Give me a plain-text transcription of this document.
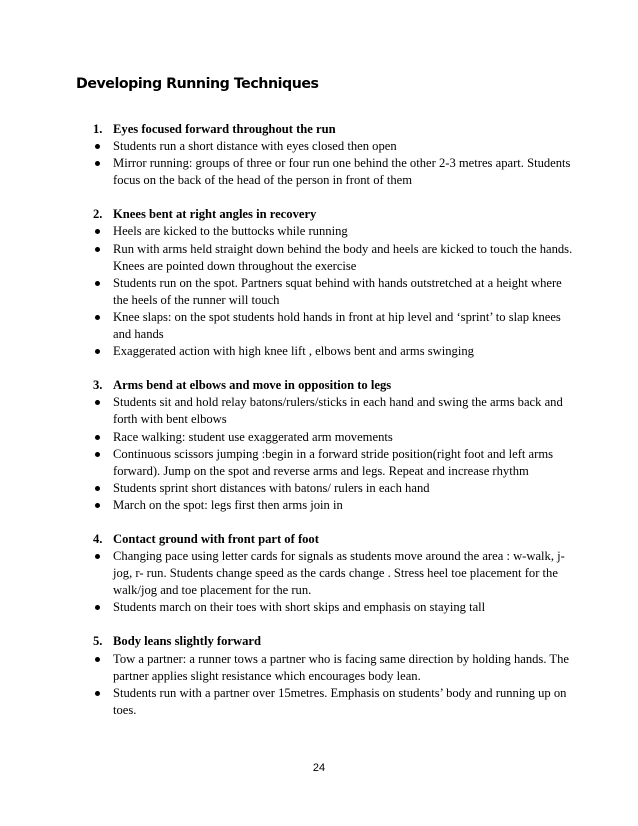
Developing Running Techniques
1. Eyes focused forward throughout the run
Students run a short distance with eyes closed then open
Mirror running: groups of three or four run one behind the other 2-3 metres apart. Students focus on the back of the head of the person in front of them
2. Knees bent at right angles in recovery
Heels are kicked to the buttocks while running
Run with arms held straight down behind the body and heels are kicked to touch the hands. Knees are pointed down throughout the exercise
Students run on the spot. Partners squat behind with hands outstretched at a height where the heels of the runner will touch
Knee slaps: on the spot students hold hands in front at hip level and ‘sprint’ to slap knees and hands
Exaggerated action with high knee lift , elbows bent and arms swinging
3. Arms bend at elbows and move in opposition to legs
Students sit and hold relay batons/rulers/sticks in each hand and swing the arms back and forth with bent elbows
Race walking: student use exaggerated arm movements
Continuous scissors jumping :begin in a forward stride position(right foot and left arms forward). Jump on the spot and reverse arms and legs. Repeat and increase rhythm
Students sprint short distances with batons/ rulers in each hand
March on the spot: legs first then arms join in
4. Contact ground with front part of foot
Changing pace using letter cards for signals as students move around the area : w-walk, j-jog, r- run. Students change speed as the cards change . Stress heel toe placement for the walk/jog and toe placement for the run.
Students march on their toes with short skips and emphasis on staying tall
5. Body leans slightly forward
Tow a partner: a runner tows a partner who is facing same direction by holding hands. The partner applies slight resistance which encourages body lean.
Students run with a partner over 15metres. Emphasis on students’ body and running up on toes.
24
